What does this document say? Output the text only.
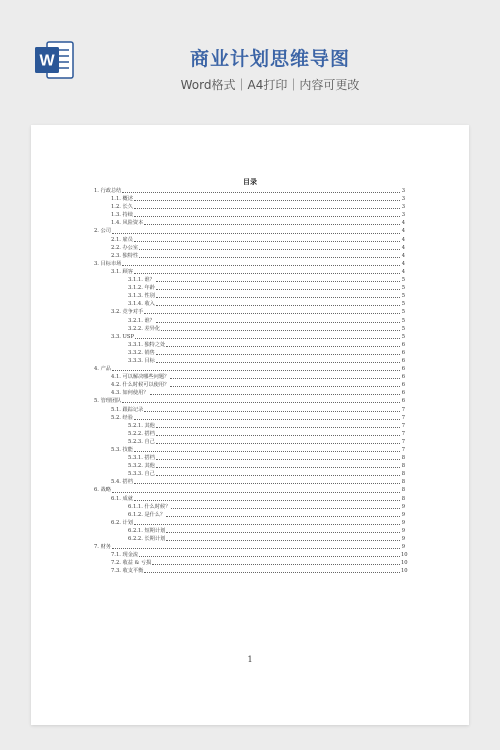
W	商业计划思维导图
Word格式｜A4打印｜内容可更改
目录
1. 行政总结	3
1.1. 概述	3
1.2. 长久	3
1.3. 持续	3
1.4. 风险资本	4
2. 公司	4
2.1. 雇员	4
2.2. 办公室	4
2.3. 独特性	4
3. 目标市场	4
3.1. 顾客	4
3.1.1. 谁？	5
3.1.2. 年龄	5
3.1.3. 性别	5
3.1.4. 收入	5
3.2. 竞争对手	5
3.2.1. 谁？	5
3.2.2. 差异化	5
3.3. USP	5
3.3.1. 独特之处	6
3.3.2. 销售	6
3.3.3. 目标	6
4. 产品	6
4.1. 可以解决哪些问题？	6
4.2. 什么时候可以使用？	6
4.3. 如何使用？	6
5. 管理团队	6
5.1. 跟踪记录	7
5.2. 经验	7
5.2.1. 其他	7
5.2.2. 搭档	7
5.2.3. 自己	7
5.3. 技能	7
5.3.1. 搭档	8
5.3.2. 其他	8
5.3.3. 自己	8
5.4. 搭档	8
6. 战略	8
6.1. 成就	8
6.1.1. 什么时候？	9
6.1.2. 是什么？	9
6.2. 计划	9
6.2.1. 短期计划	9
6.2.2. 长期计划	9
7. 财务	9
7.1. 现金流	10
7.2. 收益 & 亏损	10
7.3. 收支平衡	10
1
